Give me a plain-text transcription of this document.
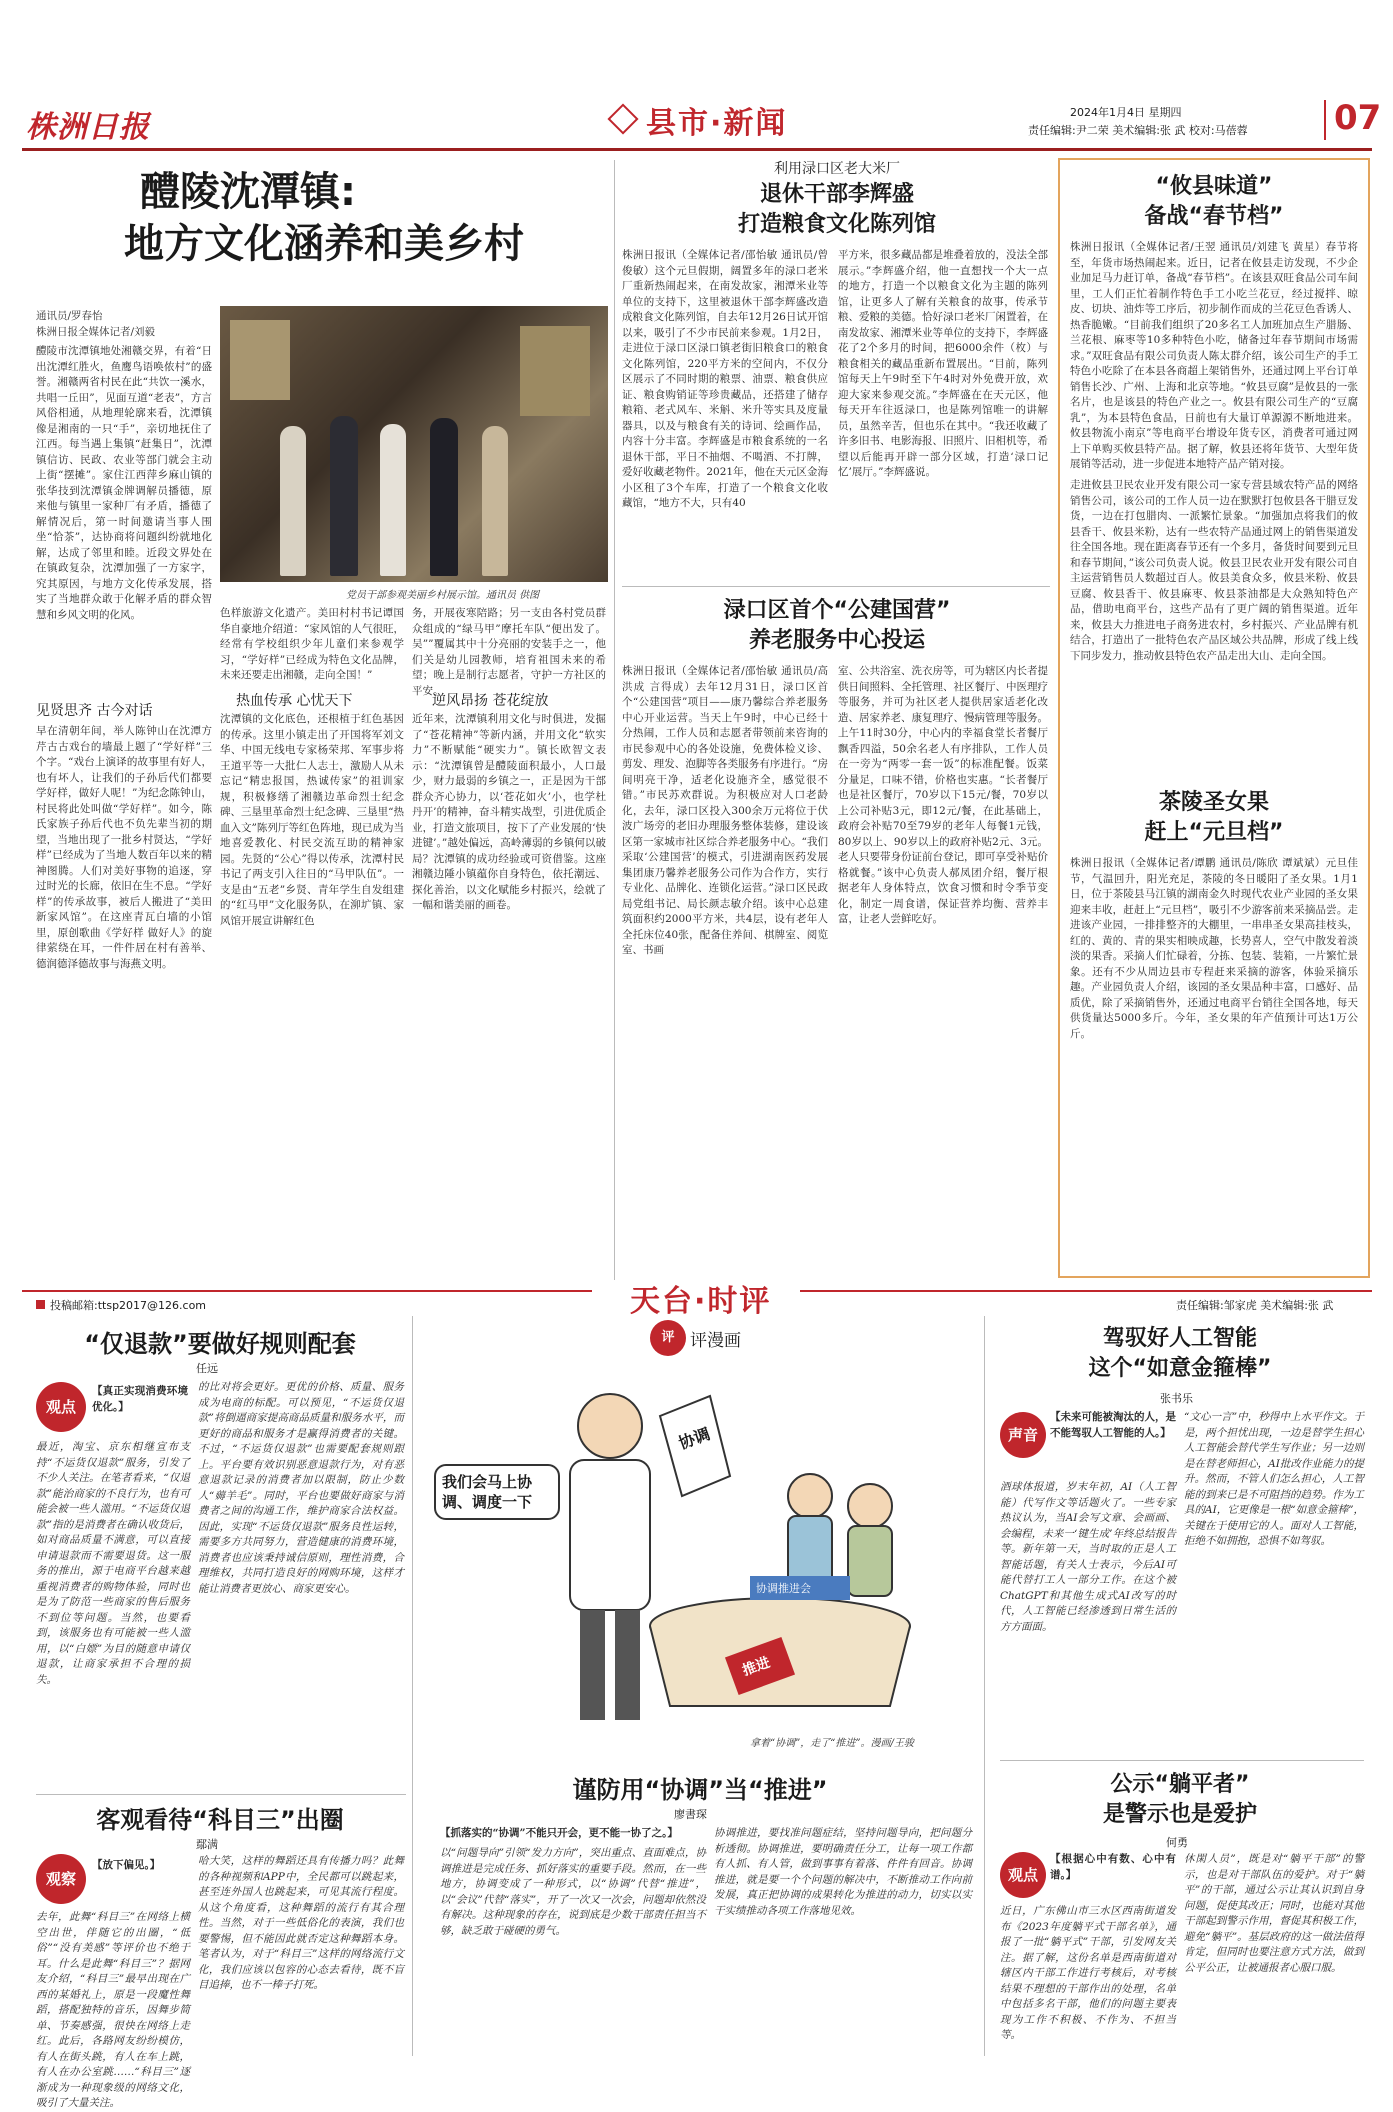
株洲日报	县市·新闻	2024年1月4日 星期四
责任编辑:尹二荣 美术编辑:张 武 校对:马蓓蓉	07
醴陵沈潭镇:
地方文化涵养和美乡村
通讯员/罗春怡
株洲日报全媒体记者/刘毅
醴陵市沈潭镇地处湘赣交界，有着“日出沈潭红胜火，鱼鹰鸟语唤侬村”的盛誉。湘赣两省村民在此“共饮一溪水，共唱一丘田”，见面互道“老表”，方言风俗相通，从地理轮廓来看，沈潭镇像是湘南的一只“手”，亲切地抚住了江西。每当遇上集镇“赶集日”，沈潭镇信访、民政、农业等部门就会主动上街“摆摊”。家住江西萍乡麻山镇的张华技到沈潭镇金牌调解员播德，原来他与镇里一家种厂有矛盾，播德了解情况后，第一时间邀请当事人围坐“恰茶”，达协商将问题纠纷就地化解，达成了邻里和睦。近段文界处在在镇政复杂，沈潭加强了一方家字，究其原因，与地方文化传承发展，搭实了当地群众敢于化解矛盾的群众智慧和乡风文明的化风。
党员干部参观美丽乡村展示馆。通讯员 供图
见贤思齐 古今对话
早在清朝年间，举人陈钟山在沈潭方芹古古戏台的墙最上题了“学好样”三个字。“戏台上演译的故事里有好人，也有坏人，让我们的子孙后代们都要学好样，做好人呢！”为纪念陈钟山，村民将此处叫做“学好样”。如今，陈氏家族子孙后代也不负先辈当初的期望，当地出现了一批乡村贤达，“学好样”已经成为了当地人数百年以来的精神图腾。人们对美好事物的追逐，穿过时光的长廊，依旧在生不息。“学好样”的传承故事，被后人搬进了“美田新家风馆”。在这座青瓦白墙的小馆里，原创歌曲《学好样 做好人》的旋律萦绕在耳，一件件居在村有善举、德润德泽德故事与海燕文明。
色样旅游文化遗产。美田村村书记谭国华自豪地介绍道：“家风馆的人气很旺，经常有学校组织少年儿童们来参观学习，“学好样”已经成为特色文化品牌，未来还要走出湘赣，走向全国！”
热血传承 心忧天下
沈潭镇的文化底色，还根植于红色基因的传承。这里小镇走出了开国将军刘文华、中国无线电专家杨荣邦、军事步将王道平等一大批仁人志士，激励人从未忘记“精忠报国，热诚传家”的祖训家规，积极修缮了湘赣边革命烈士纪念碑、三垦里革命烈士纪念碑、三垦里“热血入文”陈列厅等红色阵地，现已成为当地喜爱教化、村民交流互助的精神家园。先贤的“公心”得以传承，沈潭村民书记了两支引入往日的“马甲队伍”。一支是由“五老”乡贤、青年学生自发组建的“红马甲”文化服务队，在泖圹镇、家风馆开展宣讲解红色
务，开展夜寒陪路；另一支由各村党员群众组成的“绿马甲”摩托车队“便出发了。吴””覆属其中十分亮丽的安装手之一，他们关是幼儿园教师，培育祖国未来的希望；晚上是制行志愿者，守护一方社区的平安。
逆风昂扬 苍花绽放
近年来，沈潭镇利用文化与时俱进，发掘了“苍花精神”等新内涵，并用文化“软实力”不断赋能“硬实力”。镇长欧智文表示：“沈潭镇曾是醴陵面积最小，人口最少，财力最弱的乡镇之一，正是因为干部群众齐心协力，以‘苍花如火’小，也学杜丹开’的精神，奋斗精实战型，引进优质企业，打造文旅项目，按下了产业发展的‘快进键’。”越处偏远，高岭薄弱的乡镇何以破局？沈潭镇的成功经验或可资借鉴。这座湘赣边陲小镇蕴你自身特色，依托潮远、探化善治，以文化赋能乡村振兴，绘就了一幅和谐美丽的画卷。
利用渌口区老大米厂
退休干部李辉盛
打造粮食文化陈列馆
株洲日报讯（全媒体记者/邵怡敏 通讯员/曾俊敏）这个元旦假期，阔置多年的渌口老米厂重新热闹起来，在南发故家，湘潭米业等单位的支持下，这里被退休干部李辉盛改造成粮食文化陈列馆，自去年12月26日试开馆以来，吸引了不少市民前来参观。1月2日，走进位于渌口区渌口镇老街旧粮食口的粮食文化陈列馆，220平方米的空间内，不仅分区展示了不同时期的粮票、油票、粮食供应证、粮食购销证等珍贵藏品，还搭建了储存粮箱、老式风车、米斛、米升等实具及度量器具，以及与粮食有关的诗词、绘画作品，内容十分丰富。李辉盛是市粮食系统的一名退休干部，平日不抽烟、不喝酒、不打牌，爱好收藏老物件。2021年，他在天元区金海小区租了3个车库，打造了一个粮食文化收藏馆，“地方不大，只有40
平方米，很多藏品都是堆叠着放的，没法全部展示。”李辉盛介绍，他一直想找一个大一点的地方，打造一个以粮食文化为主题的陈列馆，让更多人了解有关粮食的故事，传承节粮、爱粮的美德。恰好渌口老米厂闲置着，在南发故家、湘潭米业等单位的支持下，李辉盛花了2个多月的时间，把6000余件（枚）与粮食相关的藏品重新布置展出。“目前，陈列馆每天上午9时至下午4时对外免费开放，欢迎大家来参观交流。”李辉盛在在天元区，他每天开车往返渌口，也是陈列馆唯一的讲解员，虽然辛苦，但也乐在其中。“我还收藏了许多旧书、电影海报、旧照片、旧相机等，希望以后能再开辟一部分区域，打造‘渌口记忆’展厅。”李辉盛说。
渌口区首个“公建国营”
养老服务中心投运
株洲日报讯（全媒体记者/邵怡敏 通讯员/高洪成 言得成）去年12月31日，渌口区首个“公建国营”项目——康乃馨综合养老服务中心开业运营。当天上午9时，中心已经十分热闹，工作人员和志愿者带领前来咨询的市民参观中心的各处设施，免费体检义诊、剪发、理发、泡脚等各类服务有序进行。“房间明亮干净，适老化设施齐全，感觉很不错。”市民苏欢群说。为积极应对人口老龄化，去年，渌口区投入300余万元将位于伏波广场旁的老旧办理服务整体装修，建设该区第一家城市社区综合养老服务中心。“我们采取‘公建国营’的模式，引进湖南医药发展集团康乃馨养老服务公司作为合作方，实行专业化、品牌化、连锁化运营。”渌口区民政局党组书记、局长颜志敏介绍。该中心总建筑面积约2000平方米，共4层，设有老年人全托床位40张，配备住养间、棋牌室、阅览室、书画
室、公共浴室、洗衣房等，可为辖区内长者提供日间照料、全托管理、社区餐厅、中医理疗等服务，并可为社区老人提供居家适老化改造、居家养老、康复理疗、慢病管理等服务。上午11时30分，中心内的幸福食堂长者餐厅飘香四溢，50余名老人有序排队，工作人员在一旁为“两零一套一饭”的标准配餐。饭菜分量足，口味不错，价格也实惠。“长者餐厅也是社区餐厅，70岁以下15元/餐，70岁以上公司补贴3元，即12元/餐，在此基础上，政府会补贴70至79岁的老年人每餐1元钱，80岁以上、90岁以上的政府补贴2元、3元。老人只要带身份证前台登记，即可享受补贴价格就餐。”该中心负责人郝凤团介绍，餐厅根据老年人身体特点，饮食习惯和时令季节变化，制定一周食谱，保证营养均衡、营养丰富，让老人尝鲜吃好。
“攸县味道”
备战“春节档”
株洲日报讯（全媒体记者/王翌 通讯员/刘建飞 黄星）春节将至，年货市场热闹起来。近日，记者在攸县走访发现，不少企业加足马力赶订单，备战“春节档”。在该县双旺食品公司车间里，工人们正忙着制作特色手工小吃兰花豆，经过搅拌、晾皮、切块、油炸等工序后，初步制作而成的兰花豆色香诱人、热香脆嫩。“目前我们组织了20多名工人加班加点生产腊肠、兰花根、麻枣等10多种特色小吃，储备过年春节期间市场需求。”双旺食品有限公司负责人陈太群介绍，该公司生产的手工特色小吃除了在本县各商超上架销售外，还通过网上平台订单销售长沙、广州、上海和北京等地。“攸县豆腐”是攸县的一张名片，也是该县的特色产业之一。攸县有限公司生产的“豆腐乳”，为本县特色食品，日前也有大量订单源源不断地进来。攸县物流小南京”等电商平台增设年货专区，消费者可通过网上下单购买攸县特产品。据了解，攸县还将年货节、大型年货展销等活动，进一步促进本地特产品产销对接。
走进攸县卫民农业开发有限公司一家专营县域农特产品的网络销售公司，该公司的工作人员一边在默默打包攸县各干腊豆发货，一边在打包腊肉、一派繁忙景象。“加强加点将我们的攸县香干、攸县米粉，达有一些农特产品通过网上的销售渠道发往全国各地。现在距离春节还有一个多月，备货时间要到元旦和春节期间，”该公司负责人说。攸县卫民农业开发有限公司自主运营销售员人数超过百人。攸县美食众多，攸县米粉、攸县豆腐、攸县香干、攸县麻枣、攸县茶油都是大众熟知特色产品，借助电商平台，这些产品有了更广阔的销售渠道。近年来，攸县大力推进电子商务进农村，乡村振兴、产业品牌有机结合，打造出了一批特色农产品区域公共品牌，形成了线上线下同步发力，推动攸县特色农产品走出大山、走向全国。
茶陵圣女果
赶上“元旦档”
株洲日报讯（全媒体记者/谭鹏 通讯员/陈欣 谭斌斌）元旦佳节，气温回升，阳光充足，茶陵的冬日暖阳了圣女果。1月1日，位于茶陵县马江镇的湖南金久时现代农业产业园的圣女果迎来丰收，赶赶上“元旦档”，吸引不少游客前来采摘品尝。走进该产业园，一排排整齐的大棚里，一串串圣女果高挂枝头，红的、黄的、青的果实相映成趣，长势喜人，空气中散发着淡淡的果香。采摘人们忙碌着，分拣、包装、装箱，一片繁忙景象。还有不少从周边县市专程赶来采摘的游客，体验采摘乐趣。产业园负责人介绍，该园的圣女果品种丰富，口感好、品质优，除了采摘销售外，还通过电商平台销往全国各地，每天供货量达5000多斤。今年，圣女果的年产值预计可达1万公斤。
投稿邮箱:ttsp2017@126.com	天台·时评	责任编辑:邹家虎 美术编辑:张 武
“仅退款”要做好规则配套
任远
观点
【真正实现消费环境优化。】
最近，淘宝、京东相继宣布支持“不运货仅退款”服务，引发了不少人关注。在笔者看来，“仅退款”能治商家的不良行为，也有可能会被一些人滥用。“不运货仅退款”指的是消费者在确认收货后，如对商品质量不满意，可以直接申请退款而不需要退货。这一服务的推出，源于电商平台越来越重视消费者的购物体验，同时也是为了防范一些商家的售后服务不到位等问题。当然，也要看到，该服务也有可能被一些人滥用，以“白嫖”为目的随意申请仅退款，让商家承担不合理的损失。
的比对将会更好。更优的价格、质量、服务成为电商的标配。可以预见，“不运货仅退款”将倒逼商家提高商品质量和服务水平，而更好的商品和服务才是赢得消费者的关键。不过，“不运货仅退款”也需要配套规则跟上。平台要有效识别恶意退款行为，对有恶意退款记录的消费者加以限制，防止少数人“薅羊毛”。同时，平台也要做好商家与消费者之间的沟通工作，维护商家合法权益。因此，实现“不运货仅退款”服务良性运转，需要多方共同努力，营造健康的消费环境，消费者也应该秉持诚信原则，理性消费，合理维权，共同打造良好的网购环境，这样才能让消费者更放心、商家更安心。
客观看待“科目三”出圈
鄢满
观察
【放下偏见。】
去年，此舞“科目三”在网络上横空出世，伴随它的出圈，“低俗”“没有美感”等评价也不绝于耳。什么是此舞“科目三”？据网友介绍，“科目三”最早出现在广西的某婚礼上，原是一段魔性舞蹈，搭配独特的音乐，因舞步简单、节奏感强，很快在网络上走红。此后，各路网友纷纷模仿，有人在街头跳，有人在车上跳，有人在办公室跳……“科目三”逐渐成为一种现象级的网络文化，吸引了大量关注。
哈大笑，这样的舞蹈还具有传播力吗？此舞的各种视频和APP中，全民都可以跳起来，甚至连外国人也跳起来，可见其流行程度。从这个角度看，这种舞蹈的流行有其合理性。当然，对于一些低俗化的表演，我们也要警惕，但不能因此就否定这种舞蹈本身。笔者认为，对于“科目三”这样的网络流行文化，我们应该以包容的心态去看待，既不盲目追捧，也不一棒子打死。
评 评漫画
我们会马上协调、调度一下
协调
协调推进会
推进
拿着“协调”，走了“推进”。漫画/王骏
谨防用“协调”当“推进”
廖書琛
【抓落实的“协调”不能只开会，更不能一协了之。】
以“问题导向”引领“发力方向”，突出重点、直面难点，协调推进是完成任务、抓好落实的重要手段。然而，在一些地方，协调变成了一种形式，以“协调”代替“推进”，以“会议”代替“落实”，开了一次又一次会，问题却依然没有解决。这种现象的存在，说到底是少数干部责任担当不够，缺乏敢于碰硬的勇气。
协调推进，要找准问题症结，坚持问题导向，把问题分析透彻。协调推进，要明确责任分工，让每一项工作都有人抓、有人管，做到事事有着落、件件有回音。协调推进，就是要一个个问题的解决中，不断推动工作向前发展，真正把协调的成果转化为推进的动力，切实以实干实绩推动各项工作落地见效。
驾驭好人工智能
这个“如意金箍棒”
张书乐
声音
【未来可能被淘汰的人，是不能驾驭人工智能的人。】
酒球体报道，岁末年初，AI（人工智能）代写作文等话题火了。一些专家热议认为，当AI会写文章、会画画、会编程，未来一‘键生成’年终总结报告等。新年第一天，当时取的正是人工智能话题，有关人士表示，今后AI可能代替打工人一部分工作。在这个被ChatGPT和其他生成式AI改写的时代，人工智能已经渗透到日常生活的方方面面。
“文心一言”中，秒得中上水平作文。于是，两个担忧出现，一边是替学生担心人工智能会替代学生写作业；另一边则是在替老师担心，AI批改作业能力的提升。然而，不管人们怎么担心，人工智能的到来已是不可阻挡的趋势。作为工具的AI，它更像是一根“如意金箍棒”，关键在于使用它的人。面对人工智能，拒绝不如拥抱，恐惧不如驾驭。
公示“躺平者”
是警示也是爱护
何勇
观点
【根据心中有数、心中有谱。】
近日，广东佛山市三水区西南街道发布《2023年度躺平式干部名单》，通报了一批“躺平式”干部，引发网友关注。据了解，这份名单是西南街道对辖区内干部工作进行考核后，对考核结果不理想的干部作出的处理，名单中包括多名干部，他们的问题主要表现为工作不积极、不作为、不担当等。
休閑人员”，既是对“躺平干部”的警示，也是对干部队伍的爱护。对于“躺平”的干部，通过公示让其认识到自身问题，促使其改正；同时，也能对其他干部起到警示作用，督促其积极工作，避免“躺平”。基层政府的这一做法值得肯定，但同时也要注意方式方法，做到公平公正，让被通报者心服口服。
